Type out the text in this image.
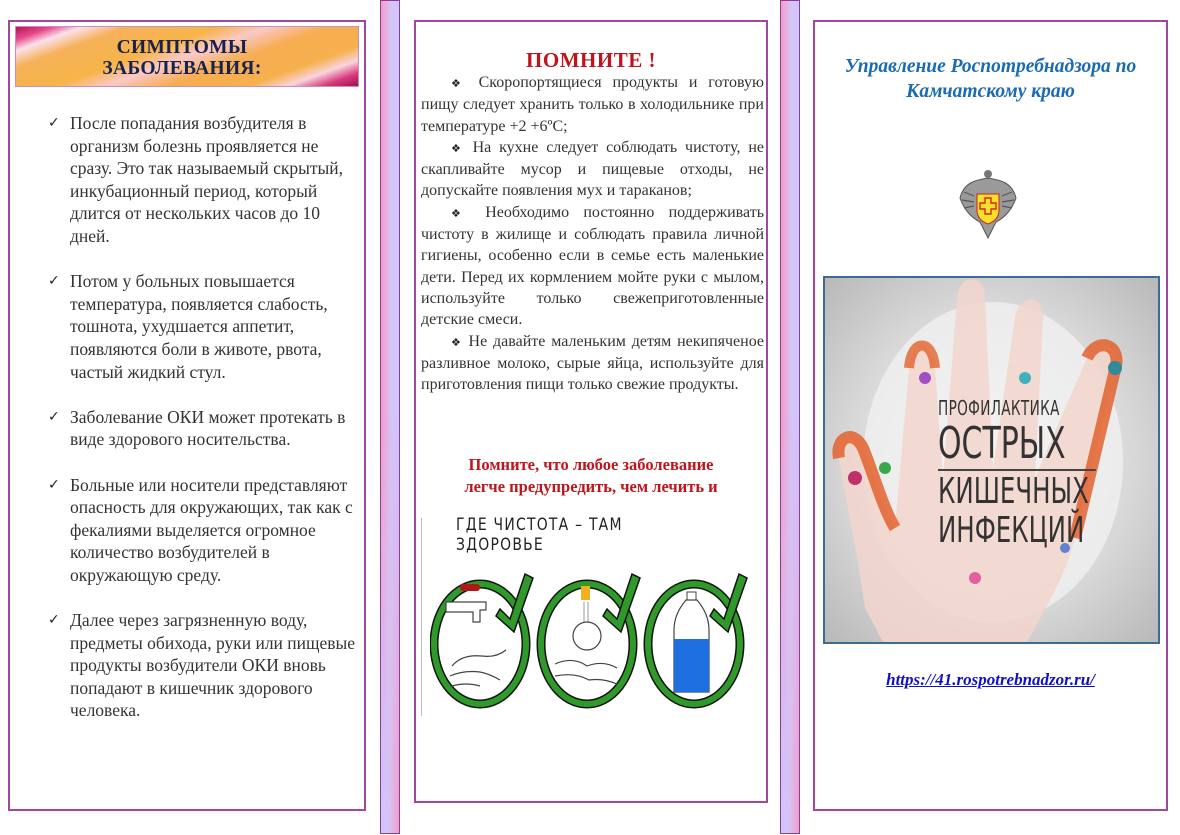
СИМПТОМЫ
ЗАБОЛЕВАНИЯ:
✓ После попадания возбудителя в организм болезнь проявляется не сразу. Это так называемый скрытый, инкубационный период, который длится от нескольких часов до 10 дней.
✓ Потом у больных повышается температура, появляется слабость, тошнота, ухудшается аппетит, появляются боли в животе, рвота, частый жидкий стул.
✓ Заболевание ОКИ может протекать в виде здорового носительства.
✓ Больные или носители представляют опасность для окружающих, так как с фекалиями выделяется огромное количество возбудителей в окружающую среду.
✓ Далее через загрязненную воду, предметы обихода, руки или пищевые продукты возбудители ОКИ вновь попадают в кишечник здорового человека.
ПОМНИТЕ !

❖ Скоропортящиеся продукты и готовую пищу следует хранить только в холодильнике при температуре +2 +6ºС;

❖ На кухне следует соблюдать чистоту, не скапливайте мусор и пищевые отходы, не допускайте появления мух и тараканов;

❖ Необходимо постоянно поддерживать чистоту в жилище и соблюдать правила личной гигиены, особенно если в семье есть маленькие дети. Перед их кормлением мойте руки с мылом, используйте только свежеприготовленные детские смеси.

❖ Не давайте маленьким детям некипяченое разливное молоко, сырые яйца, используйте для приготовления пищи только свежие продукты.

Помните, что любое заболевание
легче предупредить, чем лечить и
ГДЕ ЧИСТОТА – ТАМ ЗДОРОВЬЕ
Управление Роспотребнадзора по
Камчатскому краю
ПРОФИЛАКТИКА
ОСТРЫХ
КИШЕЧНЫХ
ИНФЕКЦИЙ
https://41.rospotrebnadzor.ru/
